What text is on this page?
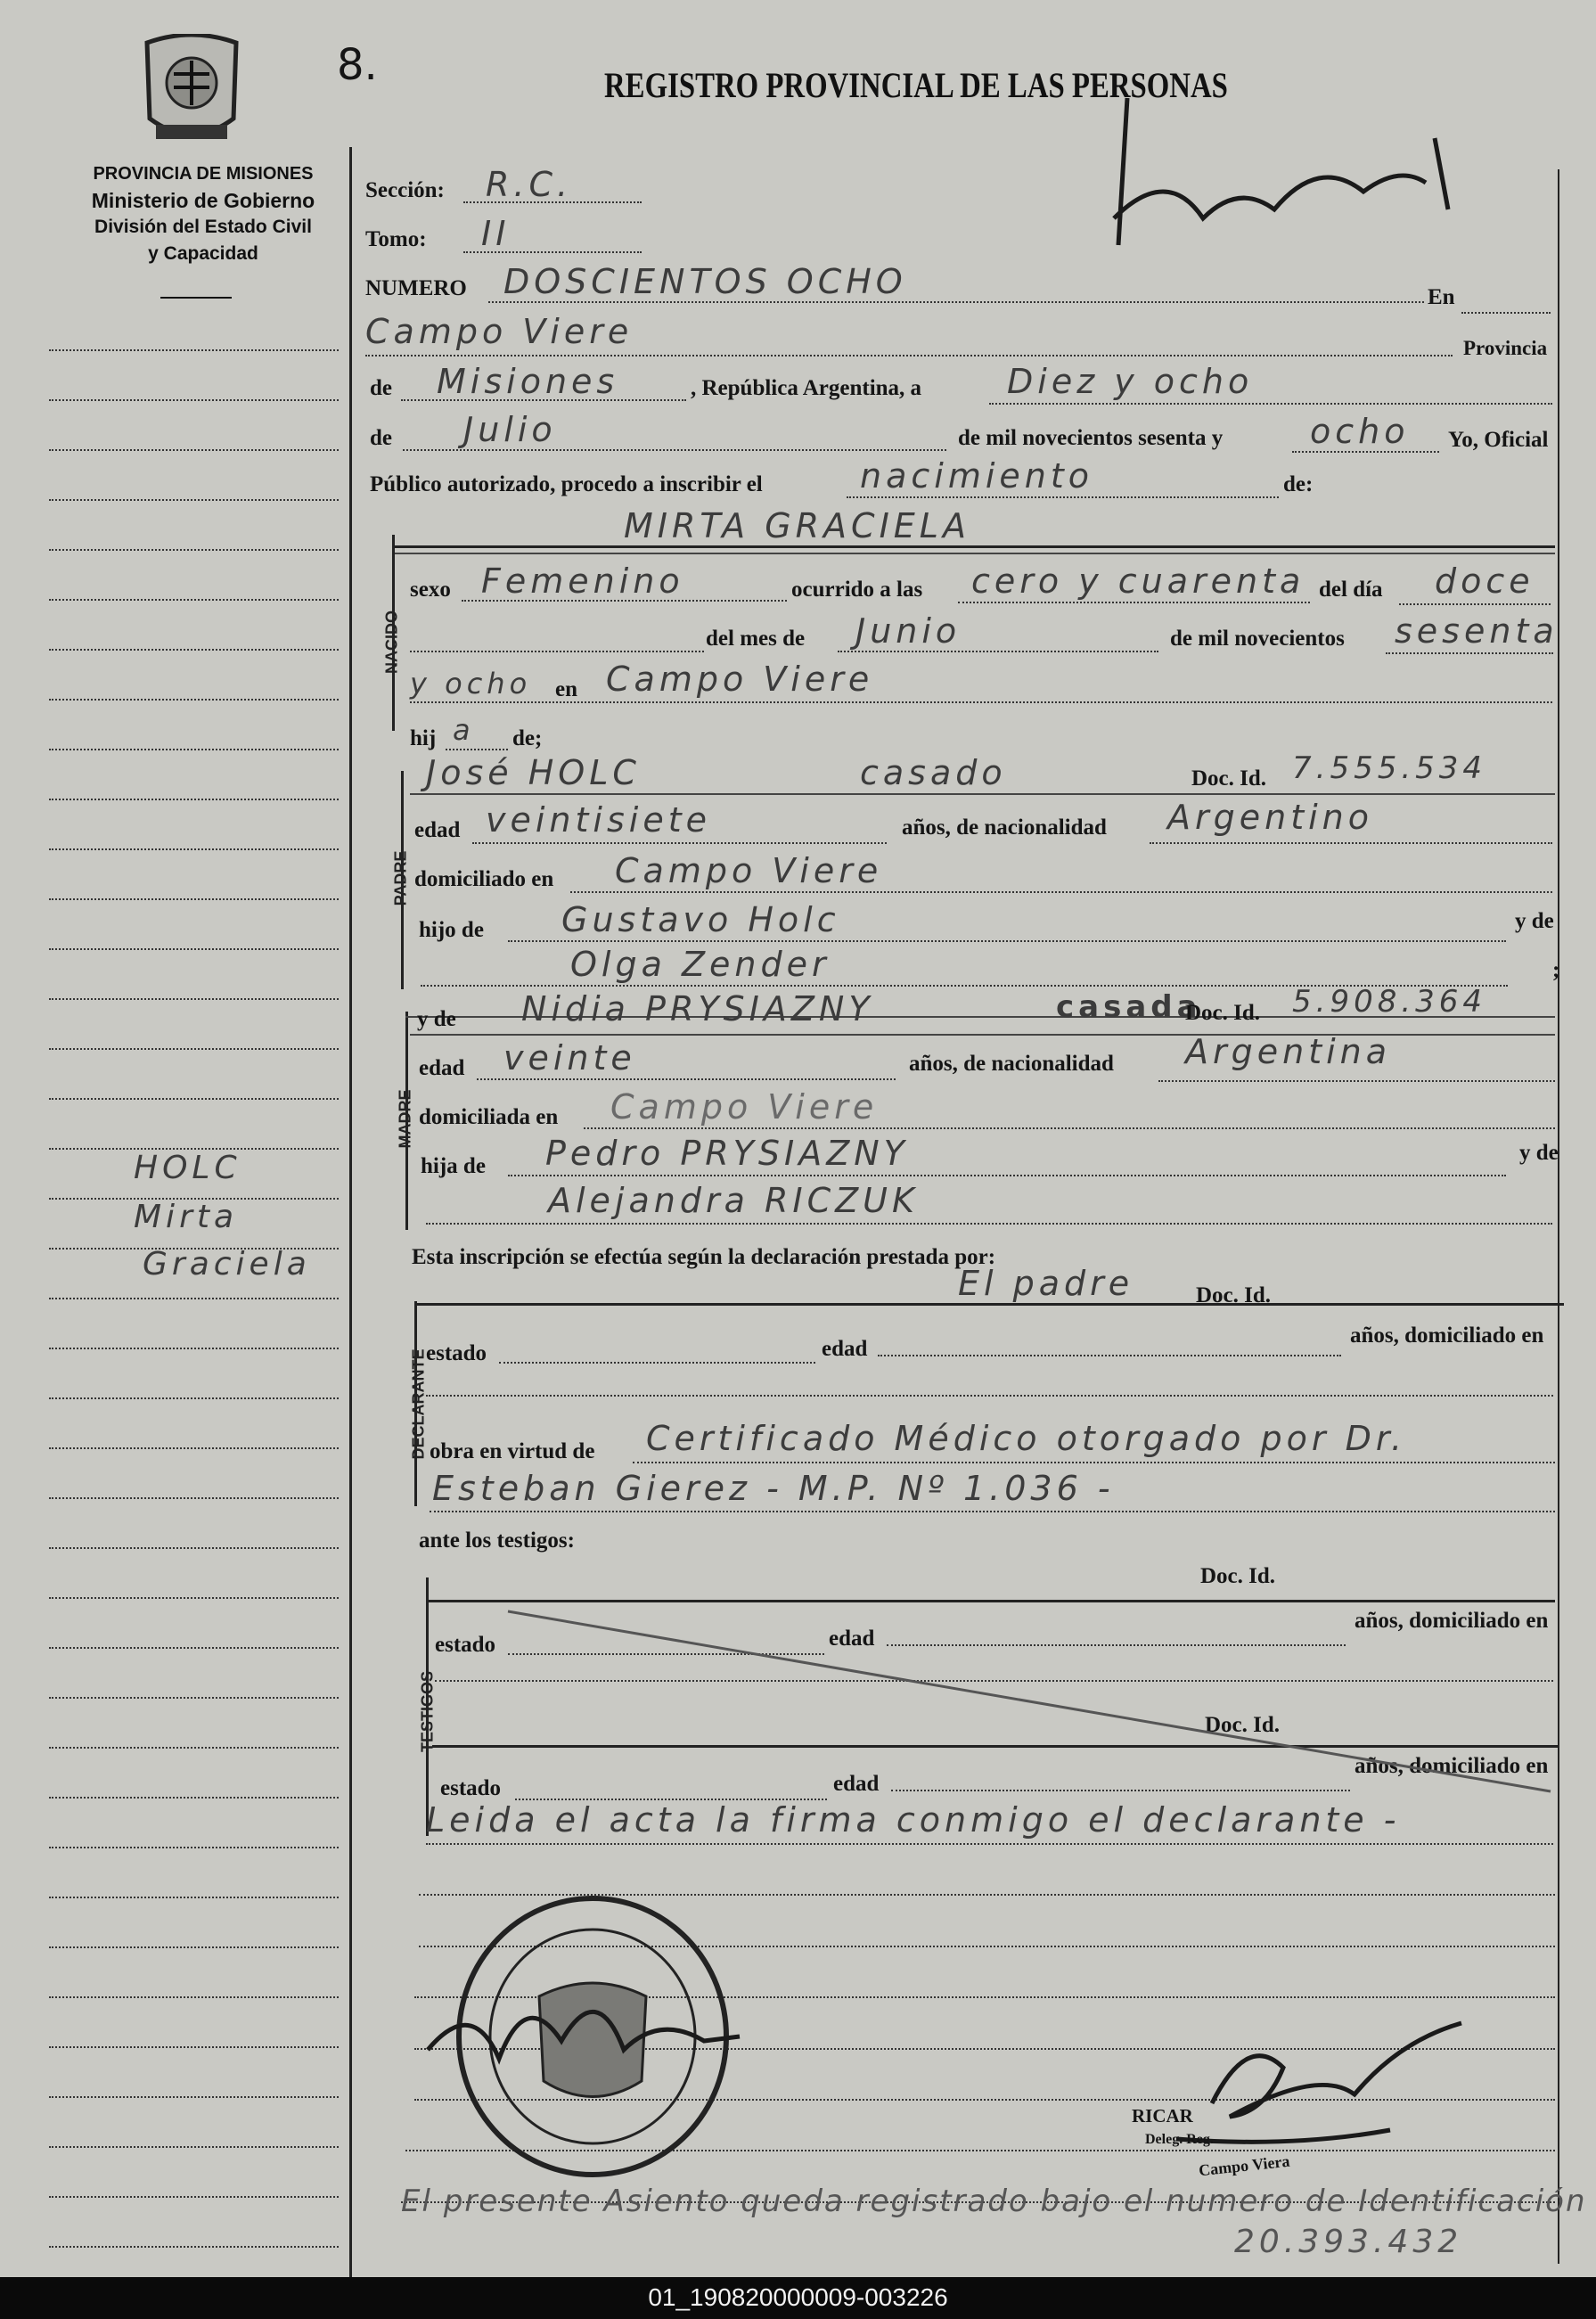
8.
PROVINCIA DE MISIONES
Ministerio de Gobierno
División del Estado Civil
y Capacidad
REGISTRO PROVINCIAL DE LAS PERSONAS
HOLC
Mirta
Graciela
Sección: R.C.
Tomo: II
NUMERO DOSCIENTOS OCHO	En
Campo Viere	Provincia
de Misiones	, República Argentina, a	Diez y ocho
de Julio	de mil novecientos sesenta y	ocho Yo, Oficial
Público autorizado, procedo a inscribir el	nacimiento	de:
MIRTA GRACIELA
NACIDO
sexo Femenino	ocurrido a las cero y cuarenta del día doce
del mes de Junio	de mil novecientos sesenta
y ocho en Campo Viere
hij a de;
PADRE
José HOLC	casado	Doc. Id. 7.555.534
edad veintisiete	años, de nacionalidad Argentino
domiciliado en Campo Viere
hijo de Gustavo Holc	y de
Olga Zender	;
MADRE
y de Nidia PRYSIAZNY	casada
Doc. Id. 5.908.364
edad veinte	años, de nacionalidad Argentina
domiciliada en Campo Viere
hija de Pedro PRYSIAZNY	y de
Alejandra RICZUK
Esta inscripción se efectúa según la declaración prestada por:
El padre	Doc. Id.
DECLARANTE
estado	edad
años, domiciliado en
obra en virtud de Certificado Médico otorgado por Dr.
Esteban Gierez - M.P. Nº 1.036 -
ante los testigos:
TESTIGOS
Doc. Id.
estado	edad
años, domiciliado en
Doc. Id.
estado	edad
años, domiciliado en
Leida el acta la firma conmigo el declarante -
RICAR
Deleg. Reg.
Campo Viera
El presente Asiento queda registrado bajo el numero de Identificación
20.393.432
01_190820000009-003226
